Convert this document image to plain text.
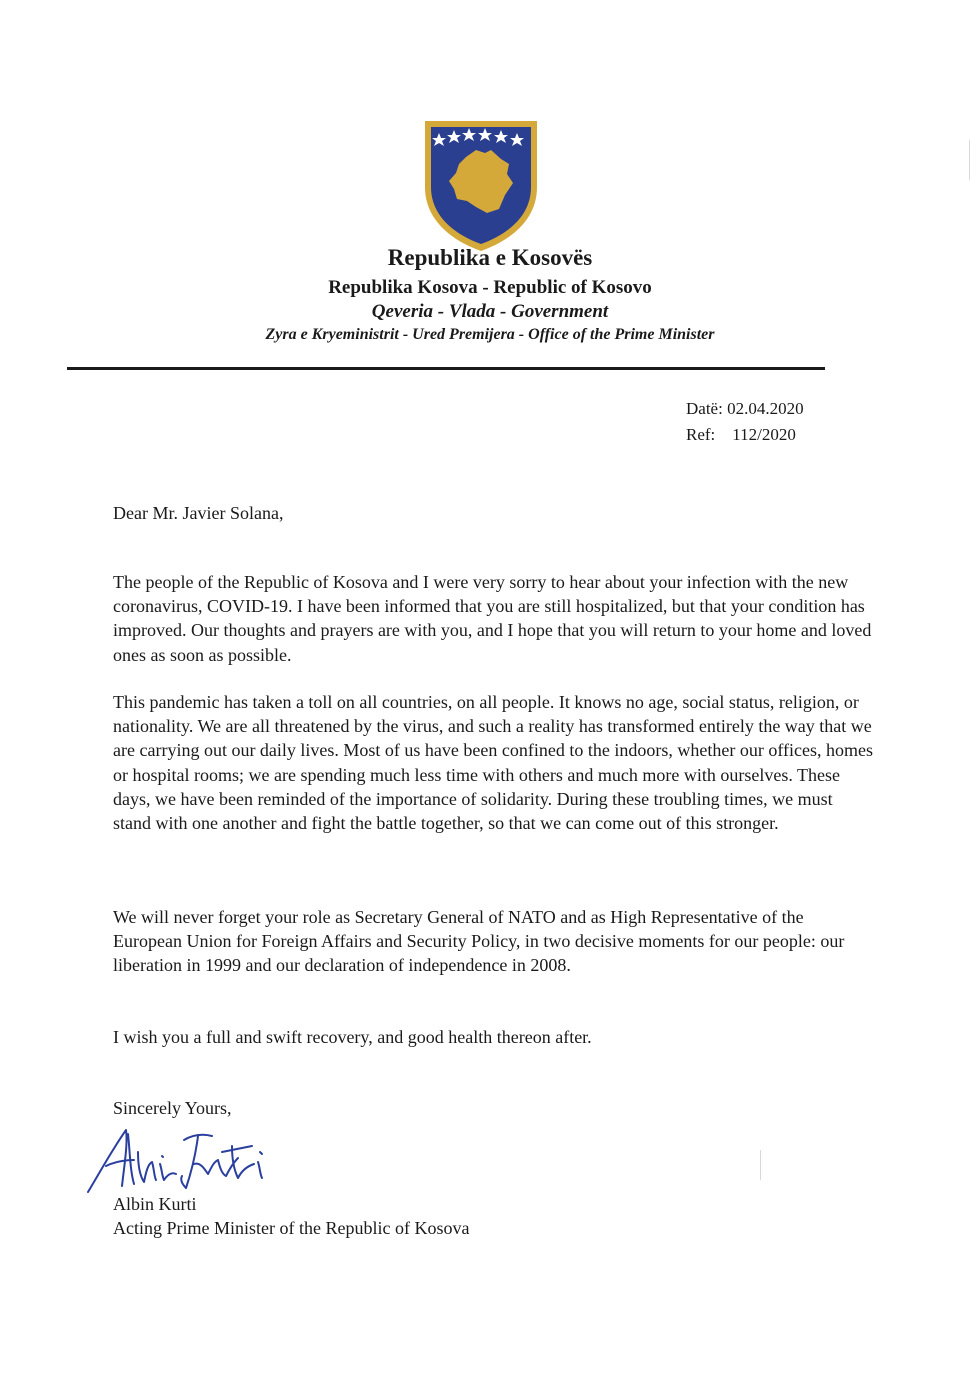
Republika e Kosovës
Republika Kosova - Republic of Kosovo
Qeveria - Vlada - Government
Zyra e Kryeministrit - Ured Premijera - Office of the Prime Minister
Datë: 02.04.2020
Ref:    112/2020
Dear Mr. Javier Solana,
The people of the Republic of Kosova and I were very sorry to hear about your infection with the new coronavirus, COVID-19. I have been informed that you are still hospitalized, but that your condition has improved. Our thoughts and prayers are with you, and I hope that you will return to your home and loved ones as soon as possible.
This pandemic has taken a toll on all countries, on all people. It knows no age, social status, religion, or nationality. We are all threatened by the virus, and such a reality has transformed entirely the way that we are carrying out our daily lives. Most of us have been confined to the indoors, whether our offices, homes or hospital rooms; we are spending much less time with others and much more with ourselves. These days, we have been reminded of the importance of solidarity. During these troubling times, we must stand with one another and fight the battle together, so that we can come out of this stronger.
We will never forget your role as Secretary General of NATO and as High Representative of the European Union for Foreign Affairs and Security Policy, in two decisive moments for our people: our liberation in 1999 and our declaration of independence in 2008.
I wish you a full and swift recovery, and good health thereon after.
Sincerely Yours,
Albin Kurti
Acting Prime Minister of the Republic of Kosova
